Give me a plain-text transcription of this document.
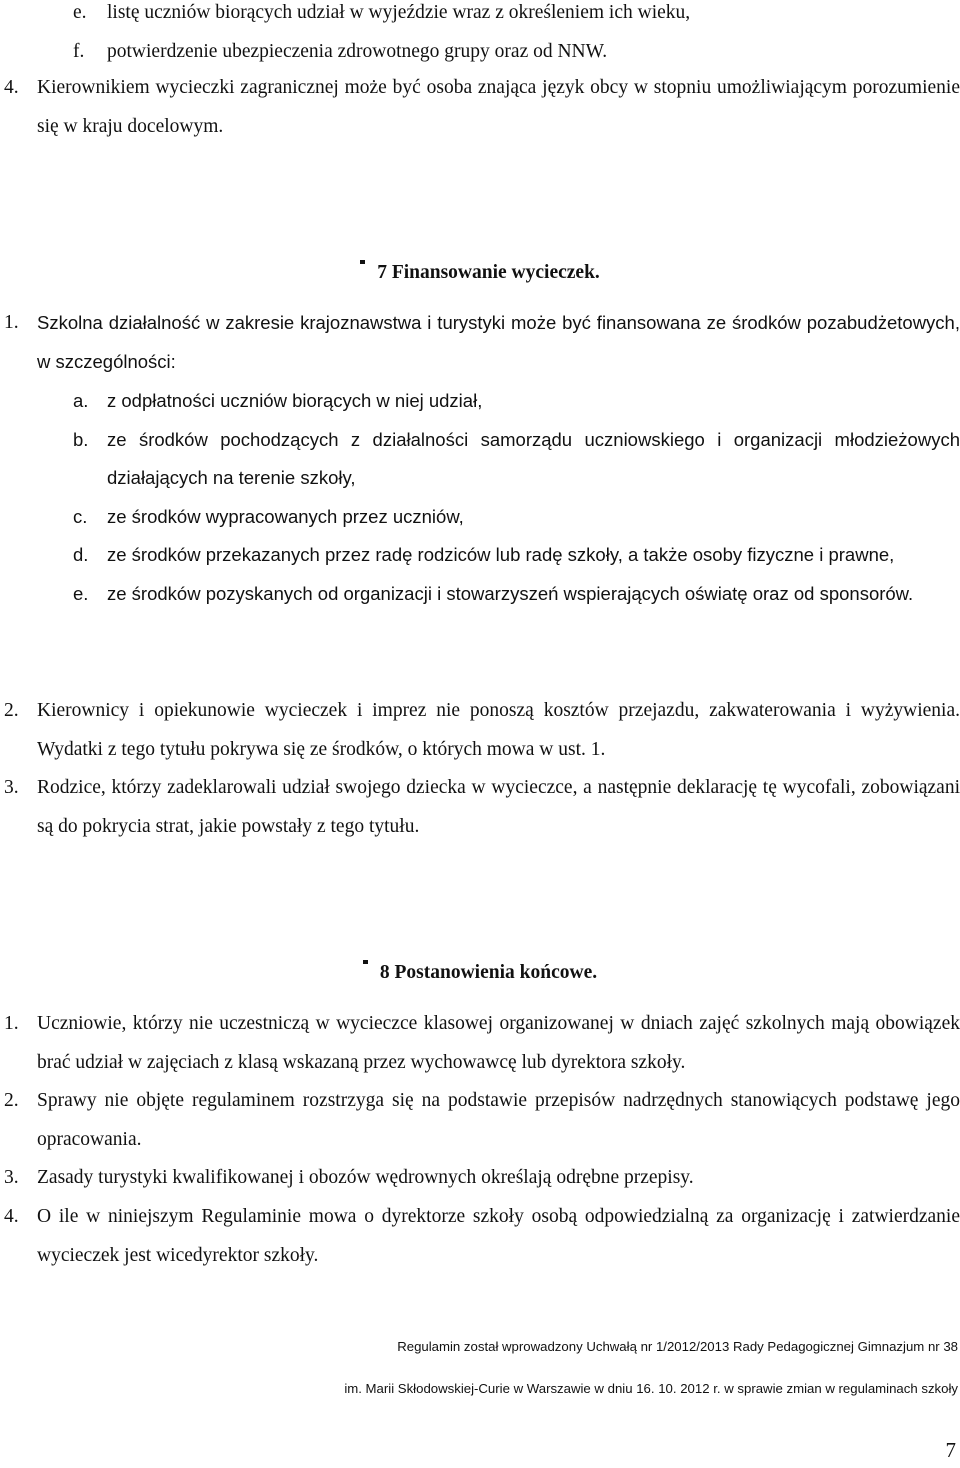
e. listę uczniów biorących udział w wyjeździe wraz z określeniem ich wieku,
f. potwierdzenie ubezpieczenia zdrowotnego grupy oraz od NNW.
4. Kierownikiem wycieczki zagranicznej może być osoba znająca język obcy w stopniu umożliwiającym porozumienie się w kraju docelowym.
7 Finansowanie wycieczek.
1. Szkolna działalność w zakresie krajoznawstwa i turystyki może być finansowana ze środków pozabudżetowych, w szczególności:
a. z odpłatności uczniów biorących w niej udział,
b. ze środków pochodzących z działalności samorządu uczniowskiego i organizacji młodzieżowych działających na terenie szkoły,
c. ze środków wypracowanych przez uczniów,
d. ze środków przekazanych przez radę rodziców lub radę szkoły, a także osoby fizyczne i prawne,
e. ze środków pozyskanych od organizacji i stowarzyszeń wspierających oświatę oraz od sponsorów.
2. Kierownicy i opiekunowie wycieczek i imprez nie ponoszą kosztów przejazdu, zakwaterowania i wyżywienia. Wydatki z tego tytułu pokrywa się ze środków, o których mowa w ust. 1.
3. Rodzice, którzy zadeklarowali udział swojego dziecka w wycieczce, a następnie deklarację tę wycofali, zobowiązani są do pokrycia strat, jakie powstały z tego tytułu.
8 Postanowienia końcowe.
1. Uczniowie, którzy nie uczestniczą w wycieczce klasowej organizowanej w dniach zajęć szkolnych mają obowiązek brać udział w zajęciach z klasą wskazaną przez wychowawcę lub dyrektora szkoły.
2. Sprawy nie objęte regulaminem rozstrzyga się na podstawie przepisów nadrzędnych stanowiących podstawę jego opracowania.
3. Zasady turystyki kwalifikowanej i obozów wędrownych określają odrębne przepisy.
4. O ile w niniejszym Regulaminie mowa o dyrektorze szkoły osobą odpowiedzialną za organizację i zatwierdzanie wycieczek jest wicedyrektor szkoły.
Regulamin został wprowadzony Uchwałą nr 1/2012/2013 Rady Pedagogicznej Gimnazjum nr 38
im. Marii Skłodowskiej-Curie w Warszawie w dniu 16. 10. 2012 r. w sprawie zmian w regulaminach szkoły
7
